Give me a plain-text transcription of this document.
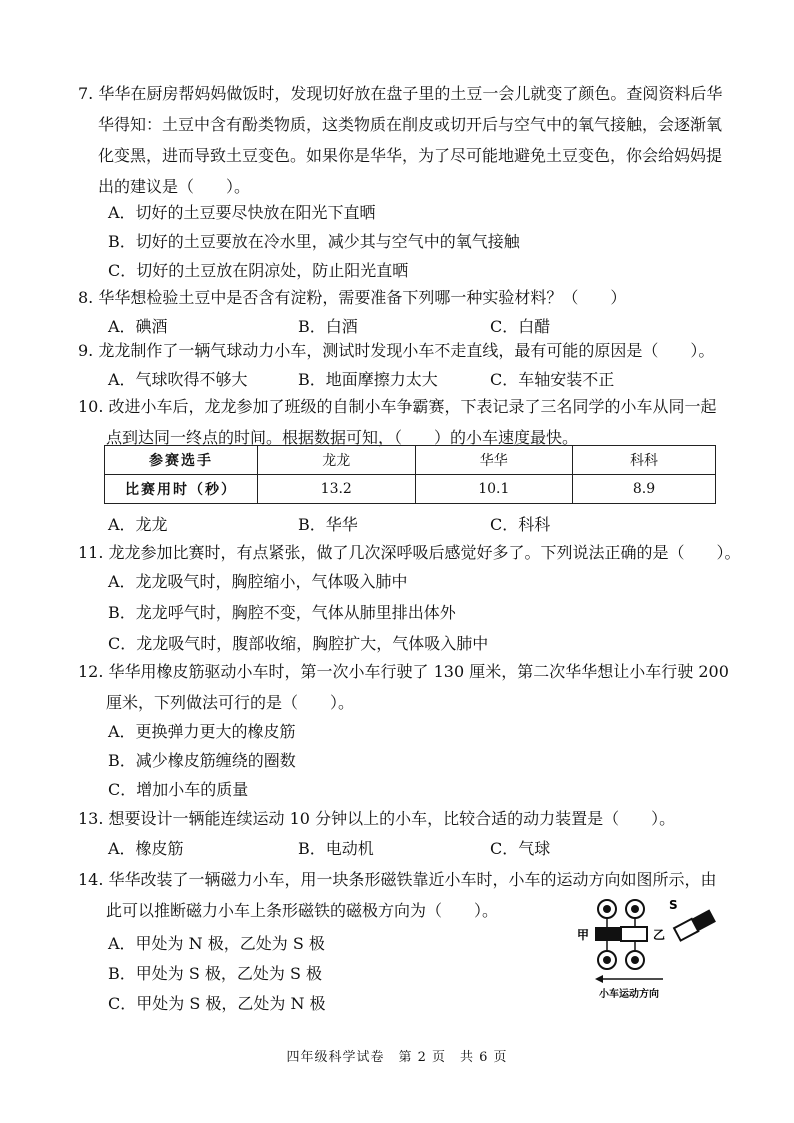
7. 华华在厨房帮妈妈做饭时，发现切好放在盘子里的土豆一会儿就变了颜色。查阅资料后华
华得知：土豆中含有酚类物质，这类物质在削皮或切开后与空气中的氧气接触，会逐渐氧
化变黑，进而导致土豆变色。如果你是华华，为了尽可能地避免土豆变色，你会给妈妈提
出的建议是（　　）。
A．切好的土豆要尽快放在阳光下直晒
B．切好的土豆要放在冷水里，减少其与空气中的氧气接触
C．切好的土豆放在阴凉处，防止阳光直晒
8. 华华想检验土豆中是否含有淀粉，需要准备下列哪一种实验材料？（　　）
A．碘酒	B．白酒	C．白醋
9. 龙龙制作了一辆气球动力小车，测试时发现小车不走直线，最有可能的原因是（　　）。
A．气球吹得不够大	B．地面摩擦力太大	C．车轴安装不正
10. 改进小车后，龙龙参加了班级的自制小车争霸赛，下表记录了三名同学的小车从同一起
点到达同一终点的时间。根据数据可知，（　　）的小车速度最快。
参赛选手	龙龙	华华	科科
比赛用时（秒）	13.2	10.1	8.9
A．龙龙	B．华华	C．科科
11. 龙龙参加比赛时，有点紧张，做了几次深呼吸后感觉好多了。下列说法正确的是（　　）。
A．龙龙吸气时，胸腔缩小，气体吸入肺中
B．龙龙呼气时，胸腔不变，气体从肺里排出体外
C．龙龙吸气时，腹部收缩，胸腔扩大，气体吸入肺中
12. 华华用橡皮筋驱动小车时，第一次小车行驶了 130 厘米，第二次华华想让小车行驶 200
厘米，下列做法可行的是（　　）。
A．更换弹力更大的橡皮筋
B．减少橡皮筋缠绕的圈数
C．增加小车的质量
13. 想要设计一辆能连续运动 10 分钟以上的小车，比较合适的动力装置是（　　）。
A．橡皮筋	B．电动机	C．气球
14. 华华改装了一辆磁力小车，用一块条形磁铁靠近小车时，小车的运动方向如图所示，由
此可以推断磁力小车上条形磁铁的磁极方向为（　　）。
A．甲处为 N 极，乙处为 S 极
B．甲处为 S 极，乙处为 S 极
C．甲处为 S 极，乙处为 N 极
甲	乙
S
小车运动方向
四年级科学试卷　第 2 页　共 6 页
